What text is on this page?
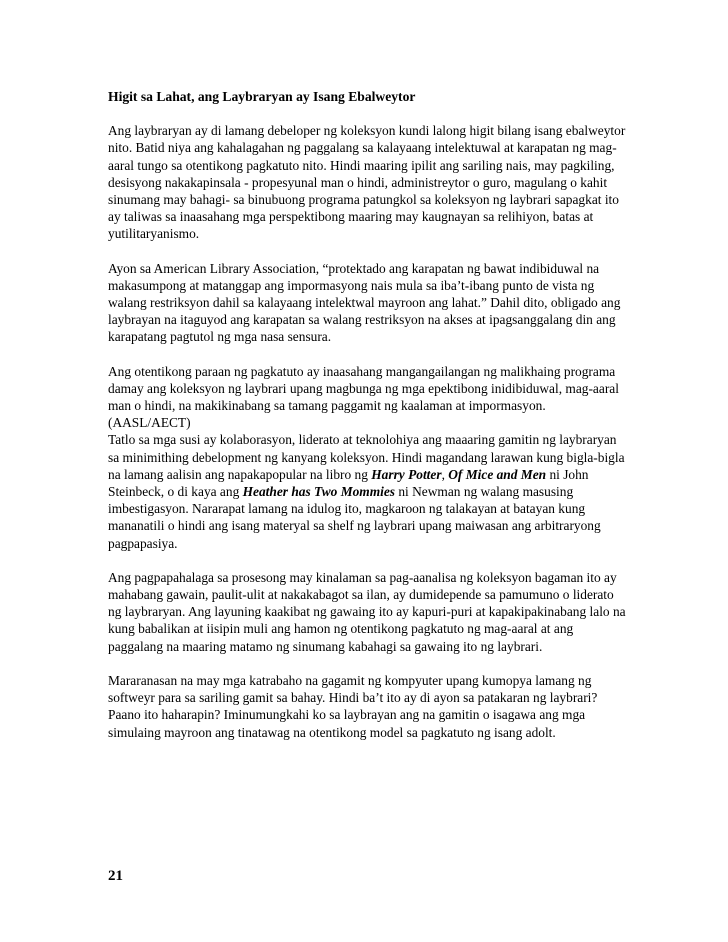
Higit sa Lahat, ang Laybraryan ay Isang Ebalweytor

Ang laybraryan ay di lamang debeloper ng koleksyon kundi lalong higit bilang isang ebalweytor nito. Batid niya ang kahalagahan ng paggalang sa kalayaang intelektuwal at karapatan ng mag-aaral tungo sa otentikong pagkatuto nito. Hindi maaring ipilit ang sariling nais, may pagkiling, desisyong nakakapinsala - propesyunal man o hindi, administreytor o guro, magulang o kahit sinumang may bahagi- sa binubuong programa patungkol sa koleksyon ng laybrari sapagkat ito ay taliwas sa inaasahang mga perspektibong maaring may kaugnayan sa relihiyon, batas at yutilitaryanismo.

Ayon sa American Library Association, “protektado ang karapatan ng bawat indibiduwal na makasumpong at matanggap ang impormasyong nais mula sa iba’t-ibang punto de vista ng walang restriksyon dahil sa kalayaang intelektwal mayroon ang lahat.” Dahil dito, obligado ang laybrayan na itaguyod ang karapatan sa walang restriksyon na akses at ipagsanggalang din ang karapatang pagtutol ng mga nasa sensura.

Ang otentikong paraan ng pagkatuto ay inaasahang mangangailangan ng malikhaing programa damay ang koleksyon ng laybrari upang magbunga ng mga epektibong inidibiduwal, mag-aaral man o hindi, na makikinabang sa tamang paggamit ng kaalaman at impormasyon. (AASL/AECT)

Tatlo sa mga susi ay kolaborasyon, liderato at teknolohiya ang maaaring gamitin ng laybraryan sa minimithing debelopment ng kanyang koleksyon. Hindi magandang larawan kung bigla-bigla na lamang aalisin ang napakapopular na libro ng Harry Potter, Of Mice and Men ni John Steinbeck, o di kaya ang Heather has Two Mommies ni Newman ng walang masusing imbestigasyon. Nararapat lamang na idulog ito, magkaroon ng talakayan at batayan kung mananatili o hindi ang isang materyal sa shelf ng laybrari upang maiwasan ang arbitraryong pagpapasiya.

Ang pagpapahalaga sa prosesong may kinalaman sa pag-aanalisa ng koleksyon bagaman ito ay mahabang gawain, paulit-ulit at nakakabagot sa ilan, ay dumidepende sa pamumuno o liderato ng laybraryan. Ang layuning kaakibat ng gawaing ito ay kapuri-puri at kapakipakinabang lalo na kung babalikan at iisipin muli ang hamon ng otentikong pagkatuto ng mag-aaral at ang paggalang na maaring matamo ng sinumang kabahagi sa gawaing ito ng laybrari.

Mararanasan na may mga katrabaho na gagamit ng kompyuter upang kumopya lamang ng softweyr para sa sariling gamit sa bahay. Hindi ba’t ito ay di ayon sa patakaran ng laybrari? Paano ito haharapin? Iminumungkahi ko sa laybrayan ang na gamitin o isagawa ang mga simulaing mayroon ang tinatawag na otentikong model sa pagkatuto ng isang adolt.

21
